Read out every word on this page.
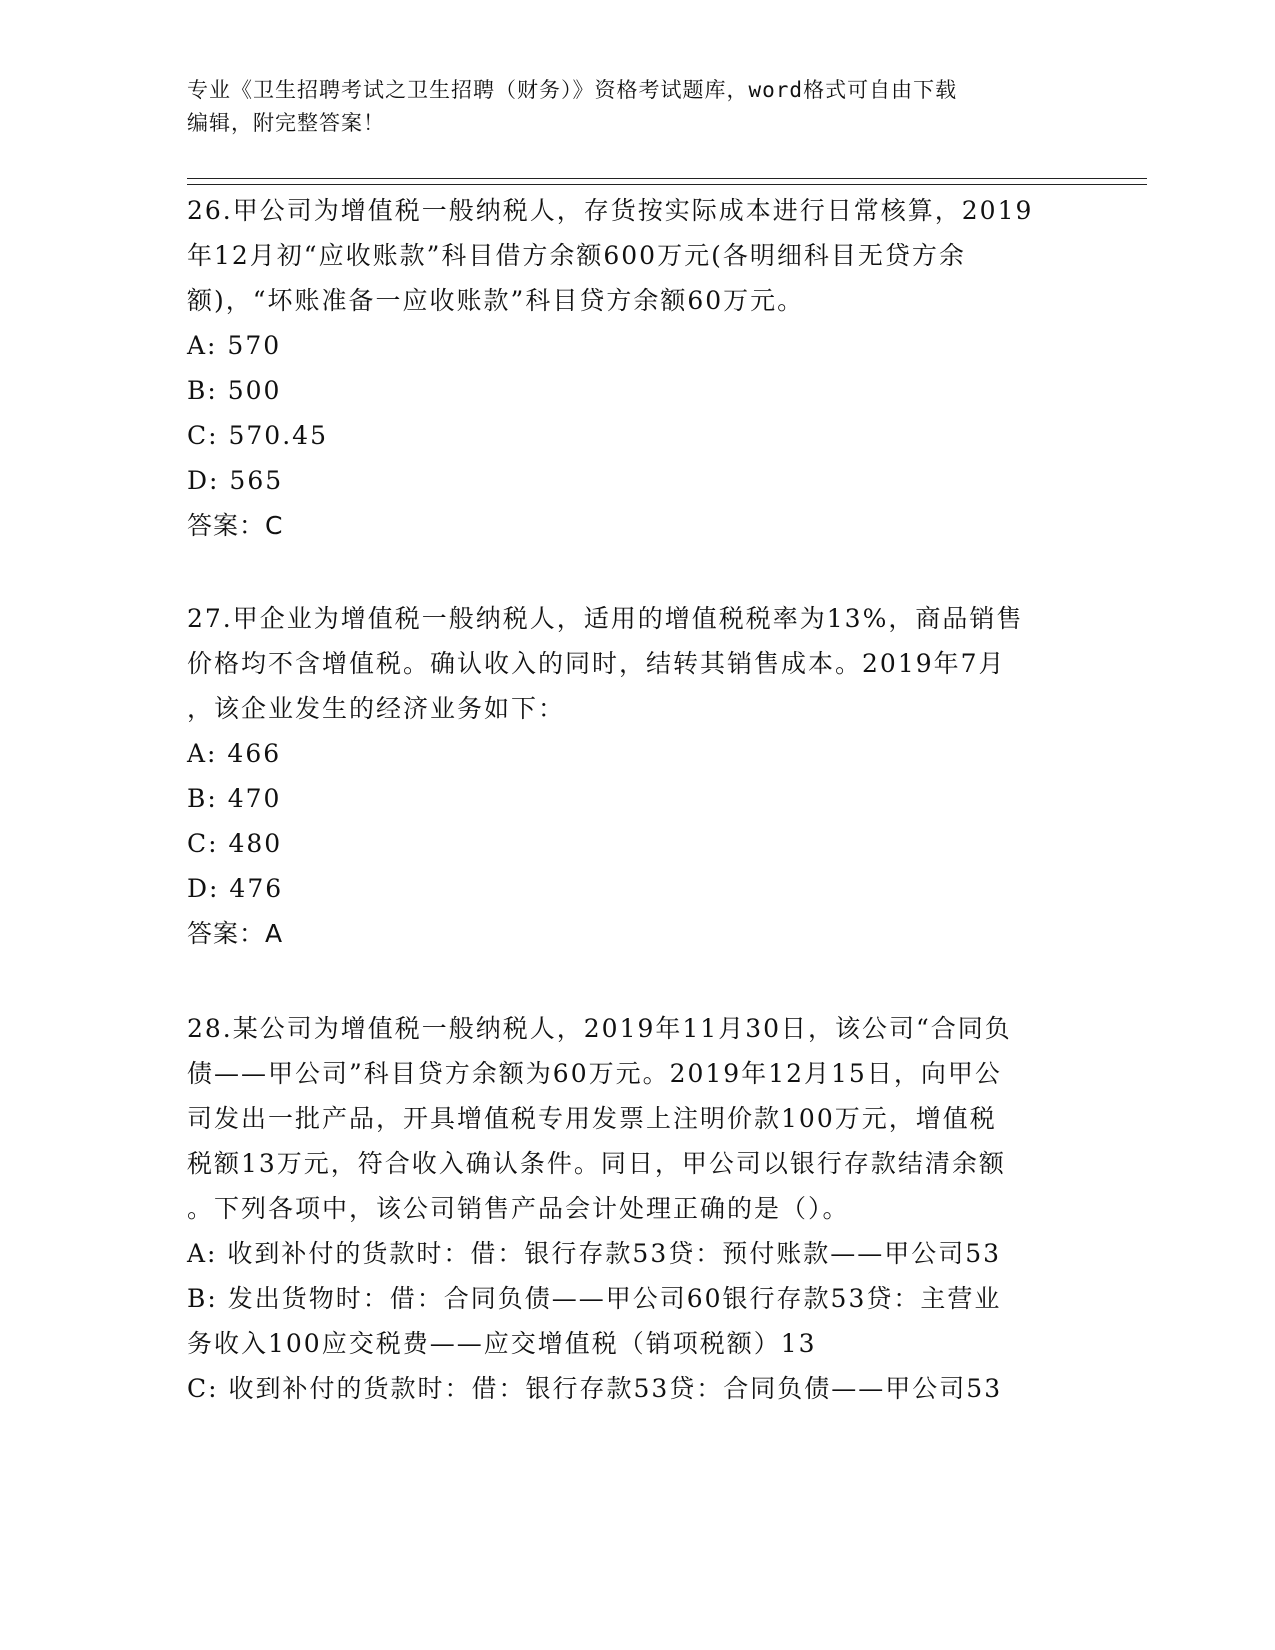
专业《卫生招聘考试之卫生招聘（财务）》资格考试题库，word格式可自由下载
编辑，附完整答案！
26.甲公司为增值税一般纳税人，存货按实际成本进行日常核算，2019
年12月初“应收账款”科目借方余额600万元(各明细科目无贷方余
额)，“坏账准备一应收账款”科目贷方余额60万元。
A: 570
B: 500
C: 570.45
D: 565
答案：C
27.甲企业为增值税一般纳税人，适用的增值税税率为13%，商品销售
价格均不含增值税。确认收入的同时，结转其销售成本。2019年7月
，该企业发生的经济业务如下：
A: 466
B: 470
C: 480
D: 476
答案：A
28.某公司为增值税一般纳税人，2019年11月30日，该公司“合同负
债——甲公司”科目贷方余额为60万元。2019年12月15日，向甲公
司发出一批产品，开具增值税专用发票上注明价款100万元，增值税
税额13万元，符合收入确认条件。同日，甲公司以银行存款结清余额
。下列各项中，该公司销售产品会计处理正确的是（）。
A: 收到补付的货款时：借：银行存款53贷：预付账款——甲公司53
B: 发出货物时：借：合同负债——甲公司60银行存款53贷：主营业
务收入100应交税费——应交增值税（销项税额）13
C: 收到补付的货款时：借：银行存款53贷：合同负债——甲公司53
